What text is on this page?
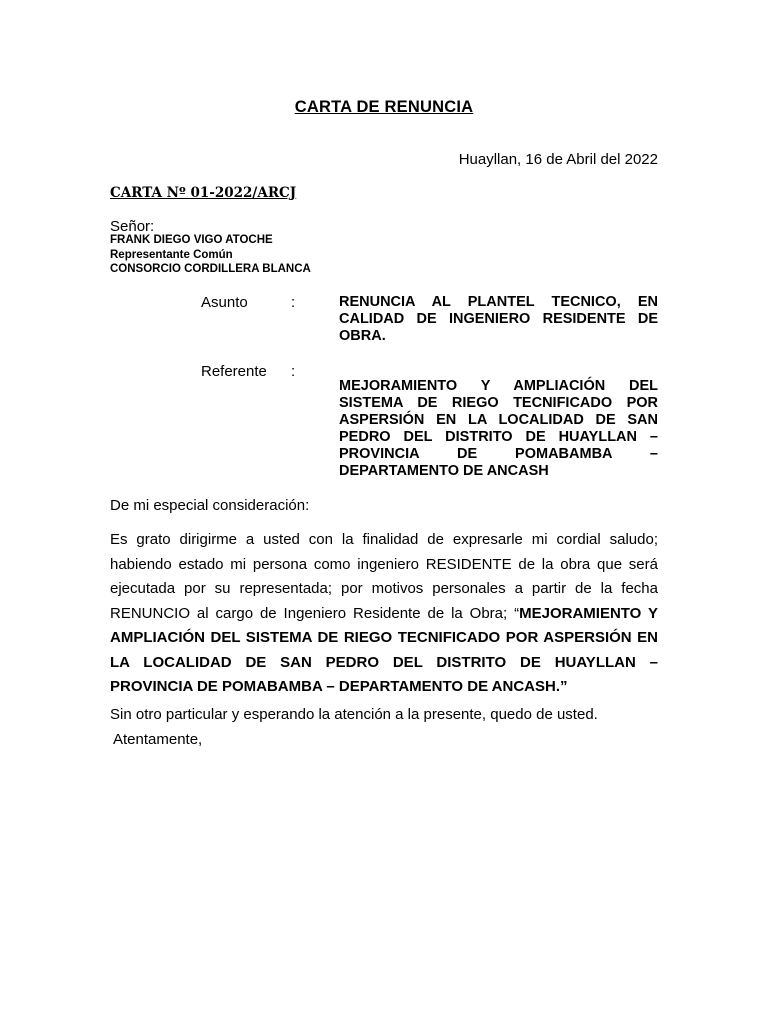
CARTA DE RENUNCIA
Huayllan, 16 de Abril del 2022
CARTA Nº 01-2022/ARCJ
Señor:
FRANK DIEGO VIGO ATOCHE
Representante Común
CONSORCIO CORDILLERA BLANCA
Asunto	:	RENUNCIA AL PLANTEL TECNICO, EN
CALIDAD DE INGENIERO RESIDENTE DE
OBRA.
Referente :
MEJORAMIENTO Y AMPLIACIÓN DEL
SISTEMA DE RIEGO TECNIFICADO POR
ASPERSIÓN EN LA LOCALIDAD DE SAN
PEDRO DEL DISTRITO DE HUAYLLAN –
PROVINCIA DE POMABAMBA –
DEPARTAMENTO DE ANCASH
De mi especial consideración:
Es grato dirigirme a usted con la finalidad de expresarle mi cordial saludo;
habiendo estado mi persona como ingeniero RESIDENTE de la obra que será
ejecutada por su representada; por motivos personales a partir de la fecha
RENUNCIO al cargo de Ingeniero Residente de la Obra; “MEJORAMIENTO Y
AMPLIACIÓN DEL SISTEMA DE RIEGO TECNIFICADO POR ASPERSIÓN EN
LA LOCALIDAD DE SAN PEDRO DEL DISTRITO DE HUAYLLAN –
PROVINCIA DE POMABAMBA – DEPARTAMENTO DE ANCASH.”
Sin otro particular y esperando la atención a la presente, quedo de usted.
Atentamente,
